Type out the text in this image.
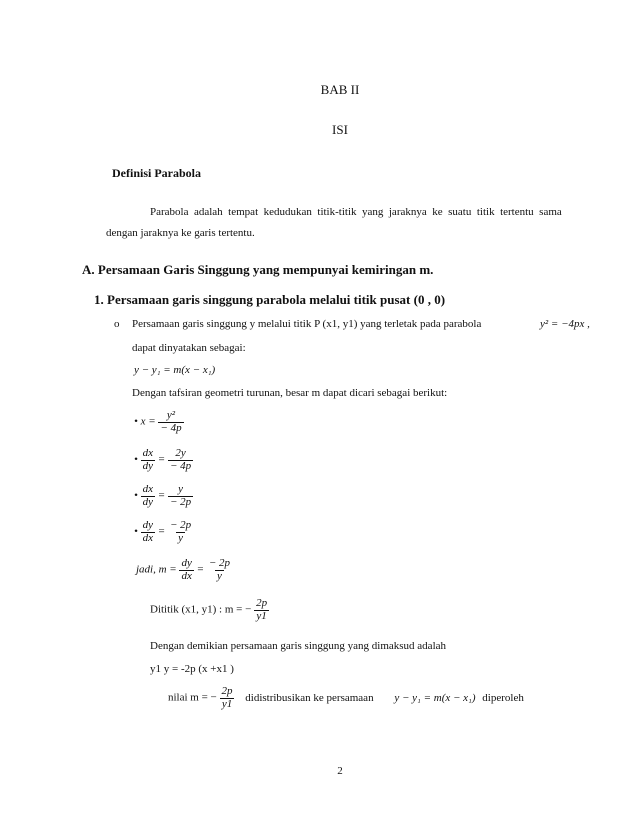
BAB II
ISI
Definisi Parabola
Parabola  adalah  tempat  kedudukan  titik-titik  yang  jaraknya  ke  suatu  titik  tertentu  sama
dengan jaraknya ke garis tertentu.
A. Persamaan Garis Singgung yang mempunyai kemiringan m.
1. Persamaan garis singgung parabola melalui titik pusat (0 , 0)
o Persamaan garis singgung y melalui titik P (x1, y1) yang terletak pada parabola	y² = −4px ,
dapat dinyatakan sebagai:
y − y₁ = m(x − x₁)
Dengan tafsiran geometri turunan, besar m dapat dicari sebagai berikut:
• $x = \frac{\text{y²}}{- 4p}$
• $\frac{dx}{dy} = \frac{2y}{- 4p}$
• $\frac{dx}{dy} = \frac{y}{- 2p}$
• $\frac{dy}{dx} = \frac{- 2p}{y}$
jadi, $m = \frac{dy}{dx} = \frac{- 2p}{y}$
Dititik (x1, y1) : m = − $\frac{2p}{y1}$
Dengan demikian persamaan garis singgung yang dimaksud adalah
y1 y = -2p (x +x1 )
nilai m = − $\frac{2p}{y1}$ didistribusikan ke persamaan y − y₁ = m(x − x₁) diperoleh
2
